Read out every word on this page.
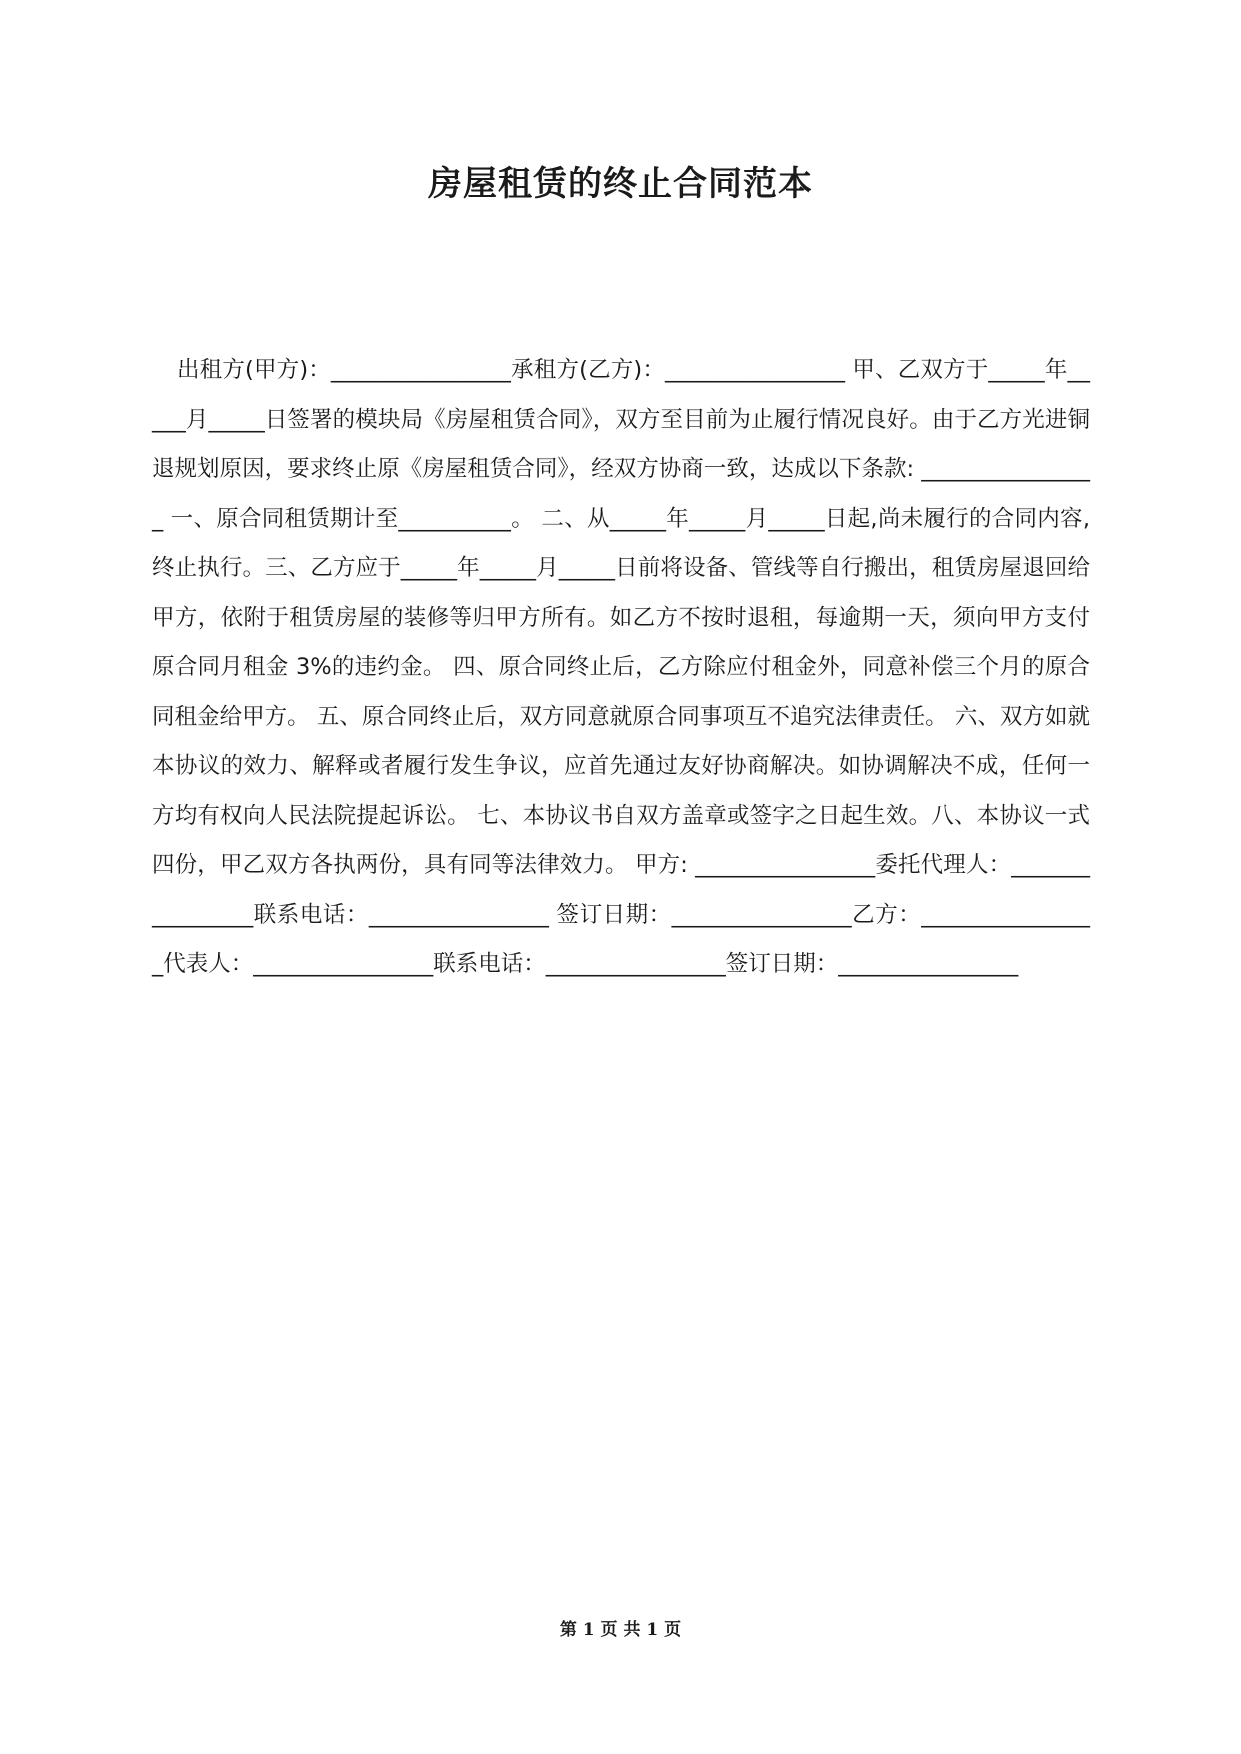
房屋租赁的终止合同范本

出租方(甲方)：________________承租方(乙方)：________________ 甲、乙双方于_____年_____月_____日签署的模块局《房屋租赁合同》，双方至目前为止履行情况良好。由于乙方光进铜退规划原因，要求终止原《房屋租赁合同》，经双方协商一致，达成以下条款: ________________ 一、原合同租赁期计至__________。 二、从_____年_____月_____日起,尚未履行的合同内容,终止执行。三、乙方应于_____年_____月_____日前将设备、管线等自行搬出，租赁房屋退回给甲方，依附于租赁房屋的装修等归甲方所有。如乙方不按时退租，每逾期一天，须向甲方支付原合同月租金 3%的违约金。 四、原合同终止后，乙方除应付租金外，同意补偿三个月的原合同租金给甲方。 五、原合同终止后，双方同意就原合同事项互不追究法律责任。 六、双方如就本协议的效力、解释或者履行发生争议，应首先通过友好协商解决。如协调解决不成，任何一方均有权向人民法院提起诉讼。 七、本协议书自双方盖章或签字之日起生效。八、本协议一式四份，甲乙双方各执两份，具有同等法律效力。 甲方: ________________委托代理人：________________联系电话：________________ 签订日期：________________乙方：________________代表人：________________联系电话：________________签订日期：________________

第 1 页 共 1 页
